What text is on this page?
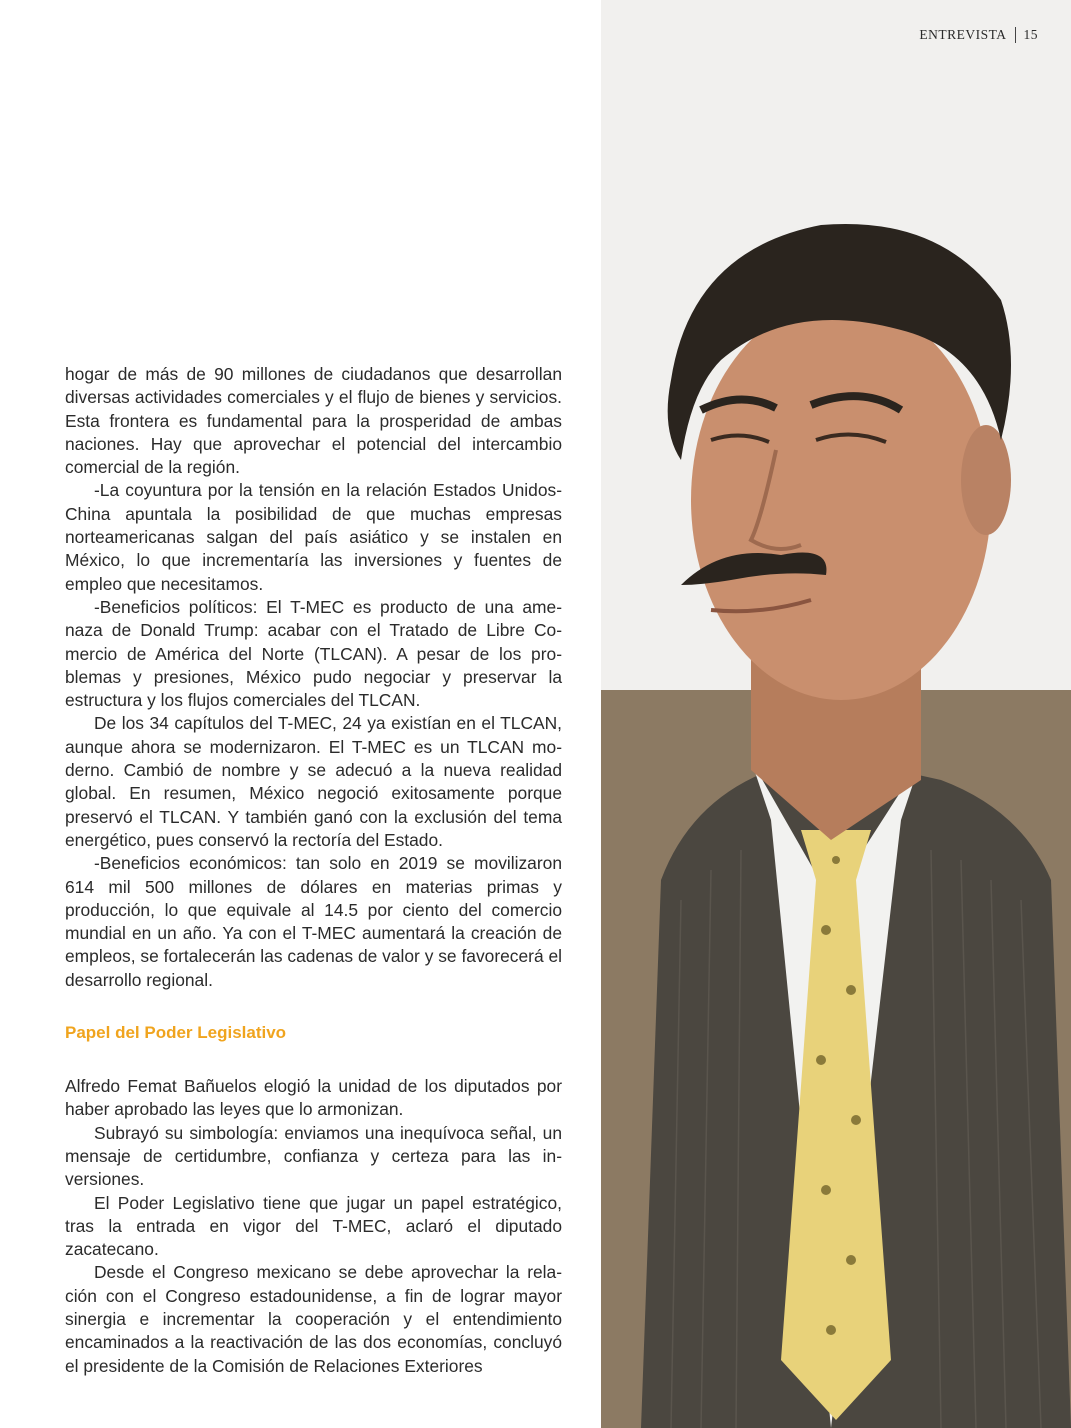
ENTREVISTA 15

hogar de más de 90 millones de ciudadanos que desarrollan diversas actividades comerciales y el flujo de bienes y servicios. Esta frontera es fundamental para la prosperidad de ambas naciones. Hay que aprovechar el potencial del intercambio comercial de la región.

-La coyuntura por la tensión en la relación Estados Unidos-China apuntala la posibilidad de que muchas empresas norteamericanas salgan del país asiático y se instalen en México, lo que incrementaría las inversiones y fuentes de empleo que necesitamos.

-Beneficios políticos: El T-MEC es producto de una amenaza de Donald Trump: acabar con el Tratado de Libre Comercio de América del Norte (TLCAN). A pesar de los problemas y presiones, México pudo negociar y preservar la estructura y los flujos comerciales del TLCAN.

De los 34 capítulos del T-MEC, 24 ya existían en el TLCAN, aunque ahora se modernizaron. El T-MEC es un TLCAN moderno. Cambió de nombre y se adecuó a la nueva realidad global. En resumen, México negoció exitosamente porque preservó el TLCAN. Y también ganó con la exclusión del tema energético, pues conservó la rectoría del Estado.

-Beneficios económicos: tan solo en 2019 se movilizaron 614 mil 500 millones de dólares en materias primas y producción, lo que equivale al 14.5 por ciento del comercio mundial en un año. Ya con el T-MEC aumentará la creación de empleos, se fortalecerán las cadenas de valor y se favorecerá el desarrollo regional.

Papel del Poder Legislativo

Alfredo Femat Bañuelos elogió la unidad de los diputados por haber aprobado las leyes que lo armonizan.

Subrayó su simbología: enviamos una inequívoca señal, un mensaje de certidumbre, confianza y certeza para las inversiones.

El Poder Legislativo tiene que jugar un papel estratégico, tras la entrada en vigor del T-MEC, aclaró el diputado zacatecano.

Desde el Congreso mexicano se debe aprovechar la relación con el Congreso estadounidense, a fin de lograr mayor sinergia e incrementar la cooperación y el entendimiento encaminados a la reactivación de las dos economías, concluyó el presidente de la Comisión de Relaciones Exteriores
